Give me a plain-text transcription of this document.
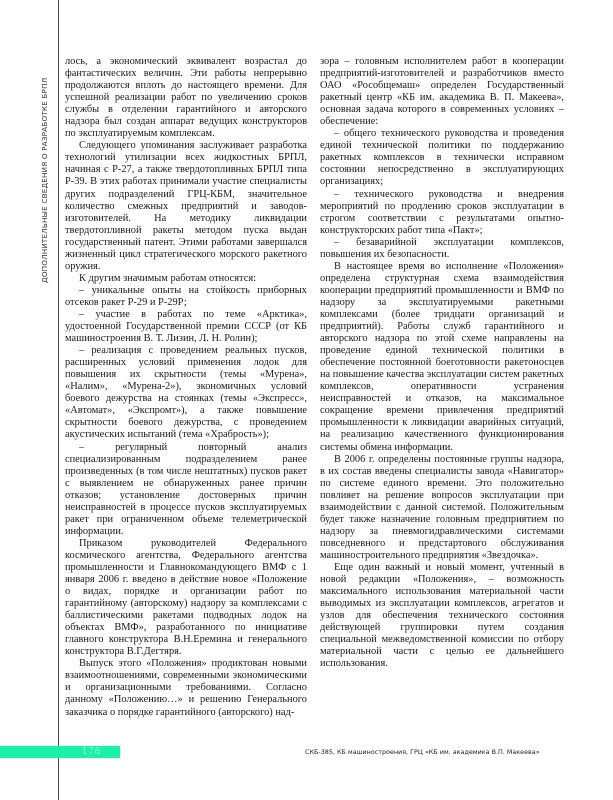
ДОПОЛНИТЕЛЬНЫЕ СВЕДЕНИЯ О РАЗРАБОТКЕ БРПЛ

лось, а экономический эквивалент возрастал до фантастических величин. Эти работы непрерывно продолжаются вплоть до настоящего времени. Для успешной реализации работ по увеличению сроков службы в отделении гарантийного и авторского надзора был создан аппарат ведущих конструкторов по эксплуатируемым комплексам.

Следующего упоминания заслуживает разработка технологий утилизации всех жидкостных БРПЛ, начиная с Р-27, а также твердотопливных БРПЛ типа Р-39. В этих работах принимали участие специалисты других подразделений ГРЦ-КБМ, значительное количество смежных предприятий и заводов-изготовителей. На методику ликвидации твердотопливной ракеты методом пуска выдан государственный патент. Этими работами завершался жизненный цикл стратегического морского ракетного оружия.

К другим значимым работам относятся:

– уникальные опыты на стойкость приборных отсеков ракет Р-29 и Р-29Р;

– участие в работах по теме «Арктика», удостоенной Государственной премии СССР (от КБ машиностроения В. Т. Лизин, Л. Н. Ролин);

– реализация с проведением реальных пусков, расширенных условий применения лодок для повышения их скрытности (темы «Мурена», «Налим», «Мурена-2»), экономичных условий боевого дежурства на стоянках (темы «Экспресс», «Автомат», «Экспромт»), а также повышение скрытности боевого дежурства, с проведением акустических испытаний (тема «Храбрость»);

– регулярный повторный анализ специализированным подразделением ранее произведенных (в том числе нештатных) пусков ракет с выявлением не обнаруженных ранее причин отказов; установление достоверных причин неисправностей в процессе пусков эксплуатируемых ракет при ограниченном объеме телеметрической информации.

Приказом руководителей Федерального космического агентства, Федерального агентства промышленности и Главнокомандующего ВМФ с 1 января 2006 г. введено в действие новое «Положение о видах, порядке и организации работ по гарантийному (авторскому) надзору за комплексами с баллистическими ракетами подводных лодок на объектах ВМФ», разработанного по инициативе главного конструктора В.Н.Еремина и генерального конструктора В.Г.Дегтяря.

Выпуск этого «Положения» продиктован новыми взаимоотношениями, современными экономическими и организационными требованиями. Согласно данному «Положению…» и решению Генерального заказчика о порядке гарантийного (авторского) над-

зора – головным исполнителем работ в кооперации предприятий-изготовителей и разработчиков вместо ОАО «Рособщемаш» определен Государственный ракетный центр «КБ им. академика В. П. Макеева», основная задача которого в современных условиях – обеспечение:

– общего технического руководства и проведения единой технической политики по поддержанию ракетных комплексов в технически исправном состоянии непосредственно в эксплуатирующих организациях;

– технического руководства и внедрения мероприятий по продлению сроков эксплуатации в строгом соответствии с результатами опытно-конструкторских работ типа «Пакт»;

– безаварийной эксплуатации комплексов, повышения их безопасности.

В настоящее время во исполнение «Положения» определена структурная схема взаимодействия кооперации предприятий промышленности и ВМФ по надзору за эксплуатируемыми ракетными комплексами (более тридцати организаций и предприятий). Работы служб гарантийного и авторского надзора по этой схеме направлены на проведение единой технической политики в обеспечение постоянной боеготовности ракетоносцев на повышение качества эксплуатации систем ракетных комплексов, оперативности устранения неисправностей и отказов, на максимальное сокращение времени привлечения предприятий промышленности к ликвидации аварийных ситуаций, на реализацию качественного функционирования системы обмена информации.

В 2006 г. определены постоянные группы надзора, в их состав введены специалисты завода «Навигатор» по системе единого времени. Это положительно повлияет на решение вопросов эксплуатации при взаимодействии с данной системой. Положительным будет также назначение головным предприятием по надзору за пневмогидравлическими системами повседневного и предстартового обслуживания машиностроительного предприятия «Звездочка».

Еще один важный и новый момент, учтенный в новой редакции «Положения», – возможность максимального использования материальной части выводимых из эксплуатации комплексов, агрегатов и узлов для обеспечения технического состояния действующей группировки путем создания специальной межведомственной комиссии по отбору материальной части с целью ее дальнейшего использования.

176	СКБ-385, КБ машиностроения, ГРЦ «КБ им. академика В.П. Макеева»
